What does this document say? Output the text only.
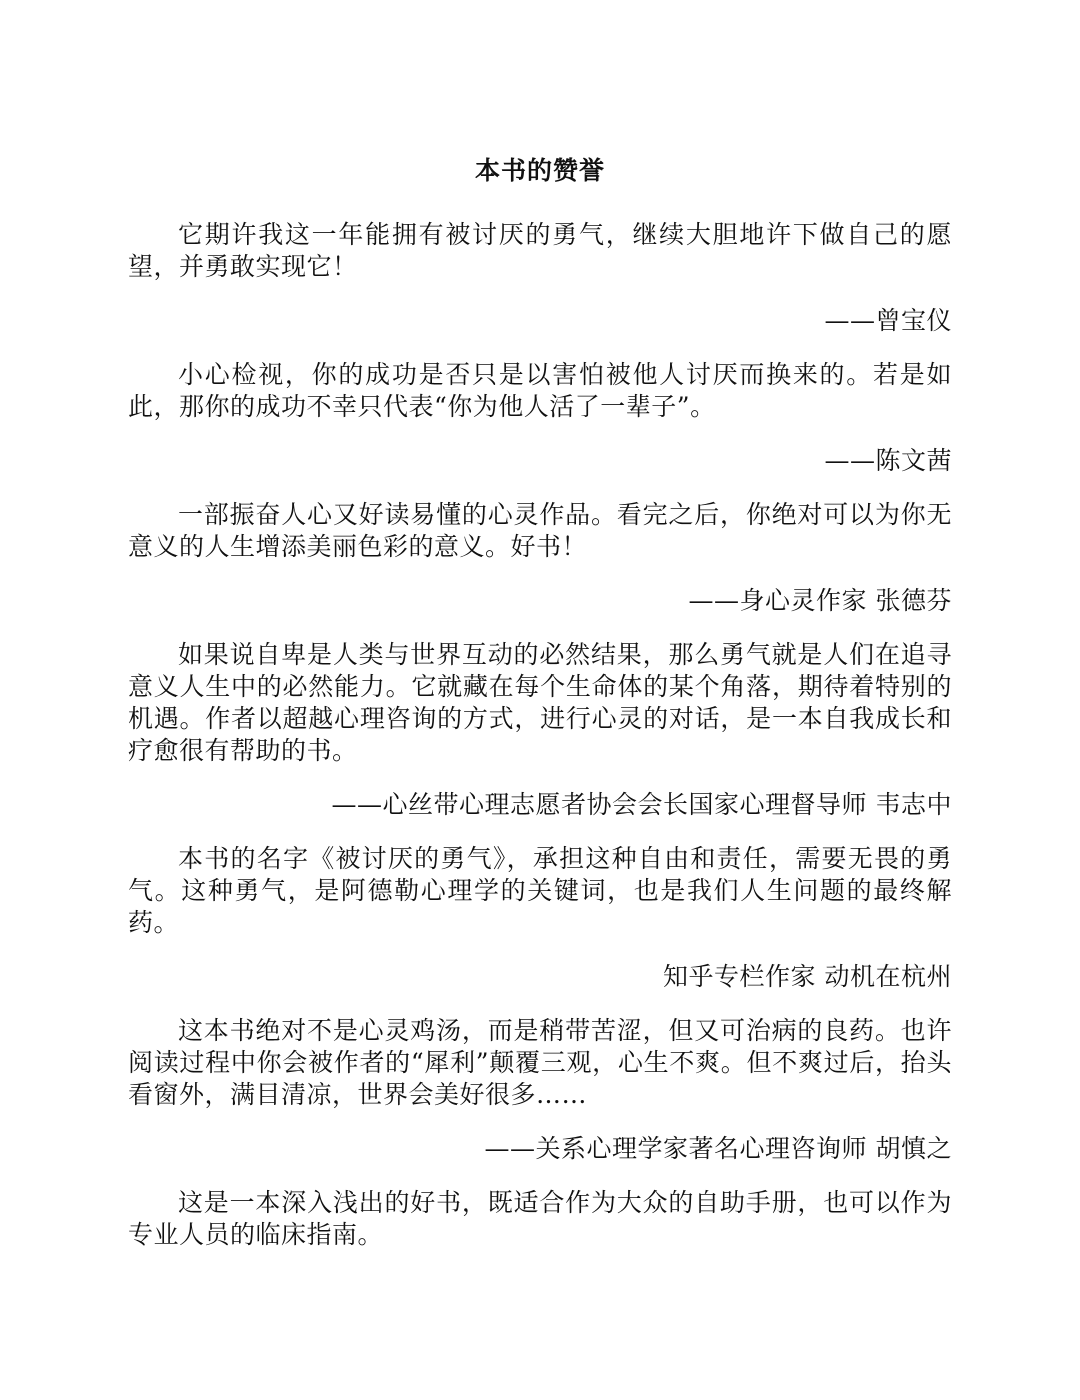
本书的赞誉

它期许我这一年能拥有被讨厌的勇气，继续大胆地许下做自己的愿望，并勇敢实现它！

——曾宝仪

小心检视，你的成功是否只是以害怕被他人讨厌而换来的。若是如此，那你的成功不幸只代表“你为他人活了一辈子”。

——陈文茜

一部振奋人心又好读易懂的心灵作品。看完之后，你绝对可以为你无意义的人生增添美丽色彩的意义。好书！

——身心灵作家 张德芬

如果说自卑是人类与世界互动的必然结果，那么勇气就是人们在追寻意义人生中的必然能力。它就藏在每个生命体的某个角落，期待着特别的机遇。作者以超越心理咨询的方式，进行心灵的对话，是一本自我成长和疗愈很有帮助的书。

——心丝带心理志愿者协会会长国家心理督导师 韦志中

本书的名字《被讨厌的勇气》，承担这种自由和责任，需要无畏的勇气。这种勇气，是阿德勒心理学的关键词，也是我们人生问题的最终解药。

知乎专栏作家 动机在杭州

这本书绝对不是心灵鸡汤，而是稍带苦涩，但又可治病的良药。也许阅读过程中你会被作者的“犀利”颠覆三观，心生不爽。但不爽过后，抬头看窗外，满目清凉，世界会美好很多……

——关系心理学家著名心理咨询师 胡慎之

这是一本深入浅出的好书，既适合作为大众的自助手册，也可以作为专业人员的临床指南。
